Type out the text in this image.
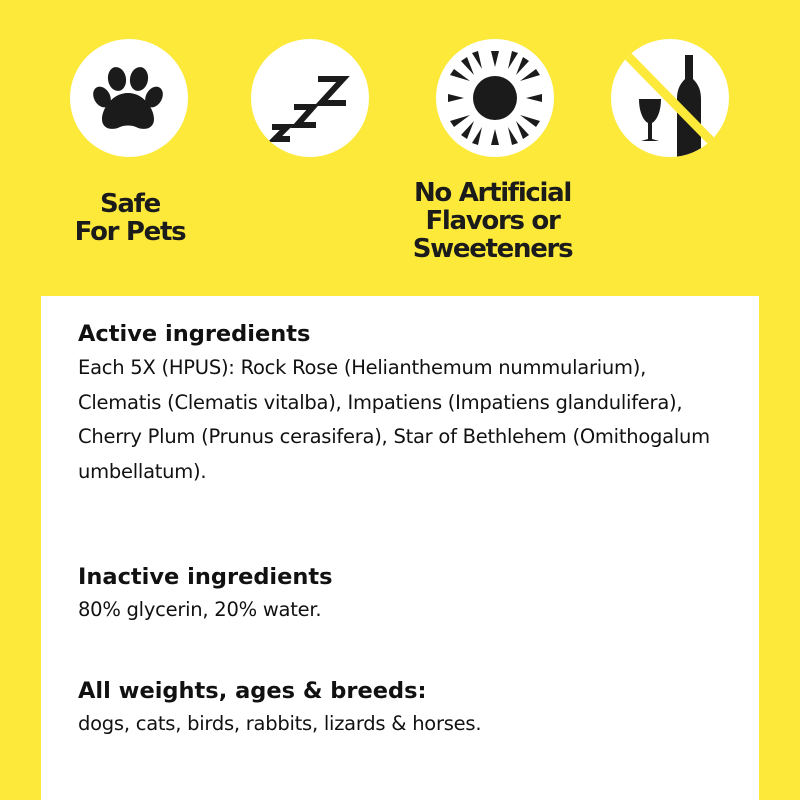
Safe
For Pets
No Artificial
Flavors or
Sweeteners
Active ingredients

Each 5X (HPUS): Rock Rose (Helianthemum nummularium), Clematis (Clematis vitalba), Impatiens (Impatiens glandulifera), Cherry Plum (Prunus cerasifera), Star of Bethlehem (Omithogalum umbellatum).

Inactive ingredients

80% glycerin, 20% water.

All weights, ages & breeds:

dogs, cats, birds, rabbits, lizards & horses.
